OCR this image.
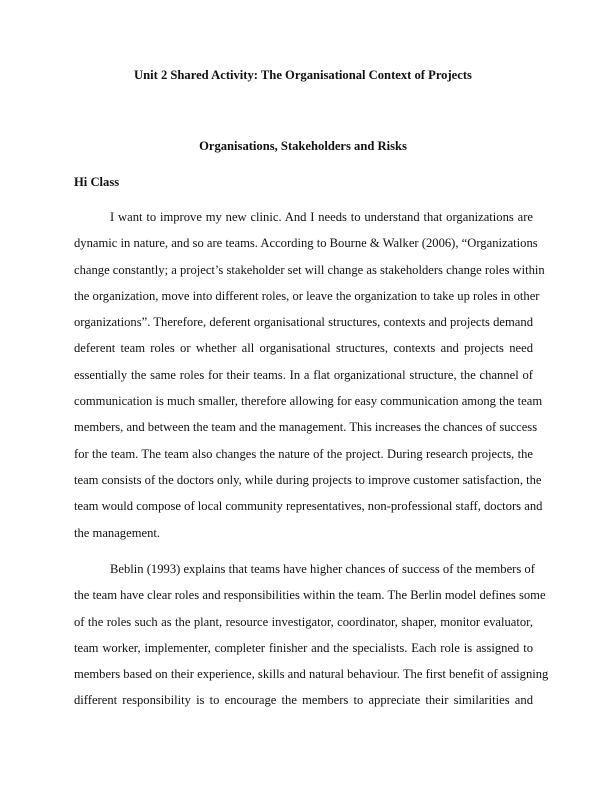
Unit 2 Shared Activity: The Organisational Context of Projects
Organisations, Stakeholders and Risks
Hi Class
I want to improve my new clinic. And I needs to understand that organizations are
dynamic in nature, and so are teams. According to Bourne & Walker (2006), “Organizations
change constantly; a project’s stakeholder set will change as stakeholders change roles within
the organization, move into different roles, or leave the organization to take up roles in other
organizations”. Therefore, deferent organisational structures, contexts and projects demand
deferent team roles or whether all organisational structures, contexts and projects need
essentially the same roles for their teams. In a flat organizational structure, the channel of
communication is much smaller, therefore allowing for easy communication among the team
members, and between the team and the management. This increases the chances of success
for the team. The team also changes the nature of the project. During research projects, the
team consists of the doctors only, while during projects to improve customer satisfaction, the
team would compose of local community representatives, non-professional staff, doctors and
the management.
Beblin (1993) explains that teams have higher chances of success of the members of
the team have clear roles and responsibilities within the team. The Berlin model defines some
of the roles such as the plant, resource investigator, coordinator, shaper, monitor evaluator,
team worker, implementer, completer finisher and the specialists. Each role is assigned to
members based on their experience, skills and natural behaviour. The first benefit of assigning
different responsibility is to encourage the members to appreciate their similarities and
